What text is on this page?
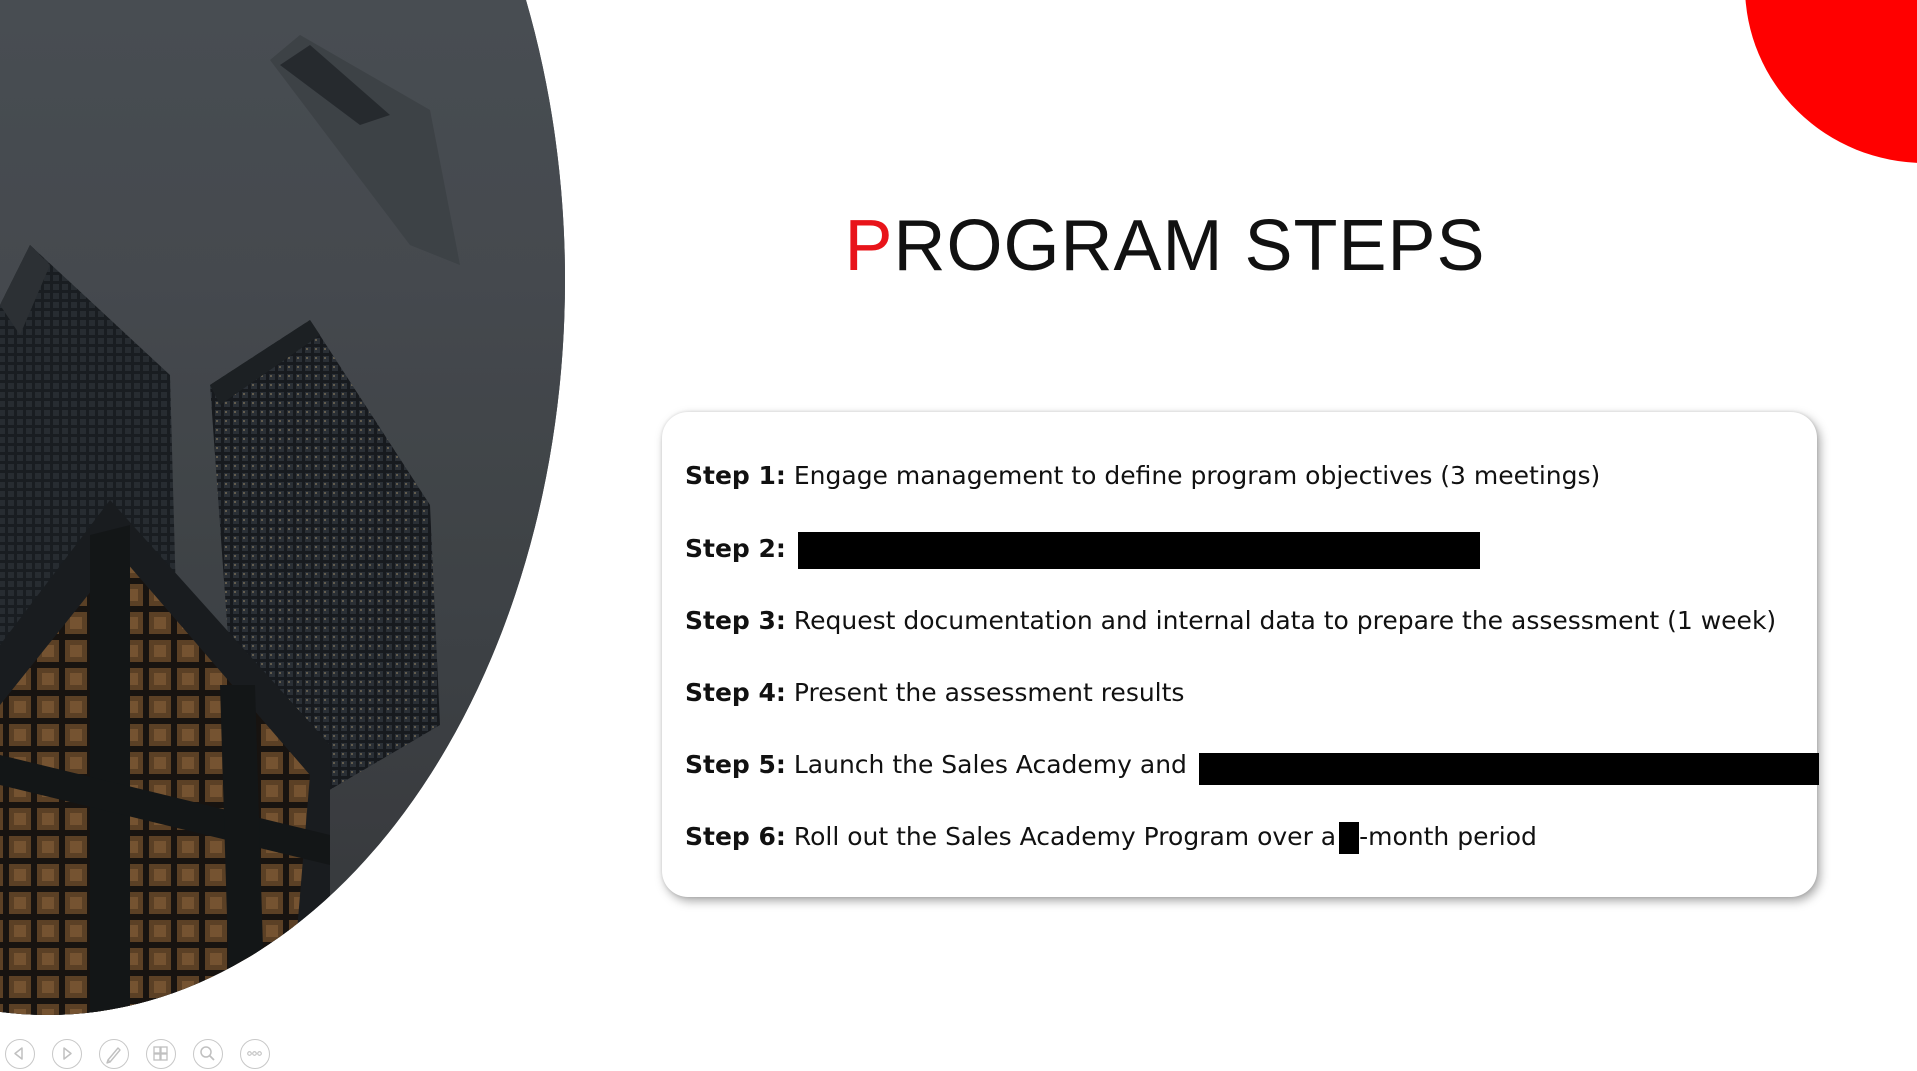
PROGRAM STEPS
Step 1: Engage management to define program objectives (3 meetings)
Step 2:
Step 3: Request documentation and internal data to prepare the assessment (1 week)
Step 4: Present the assessment results
Step 5: Launch the Sales Academy and
Step 6: Roll out the Sales Academy Program over a -month period
